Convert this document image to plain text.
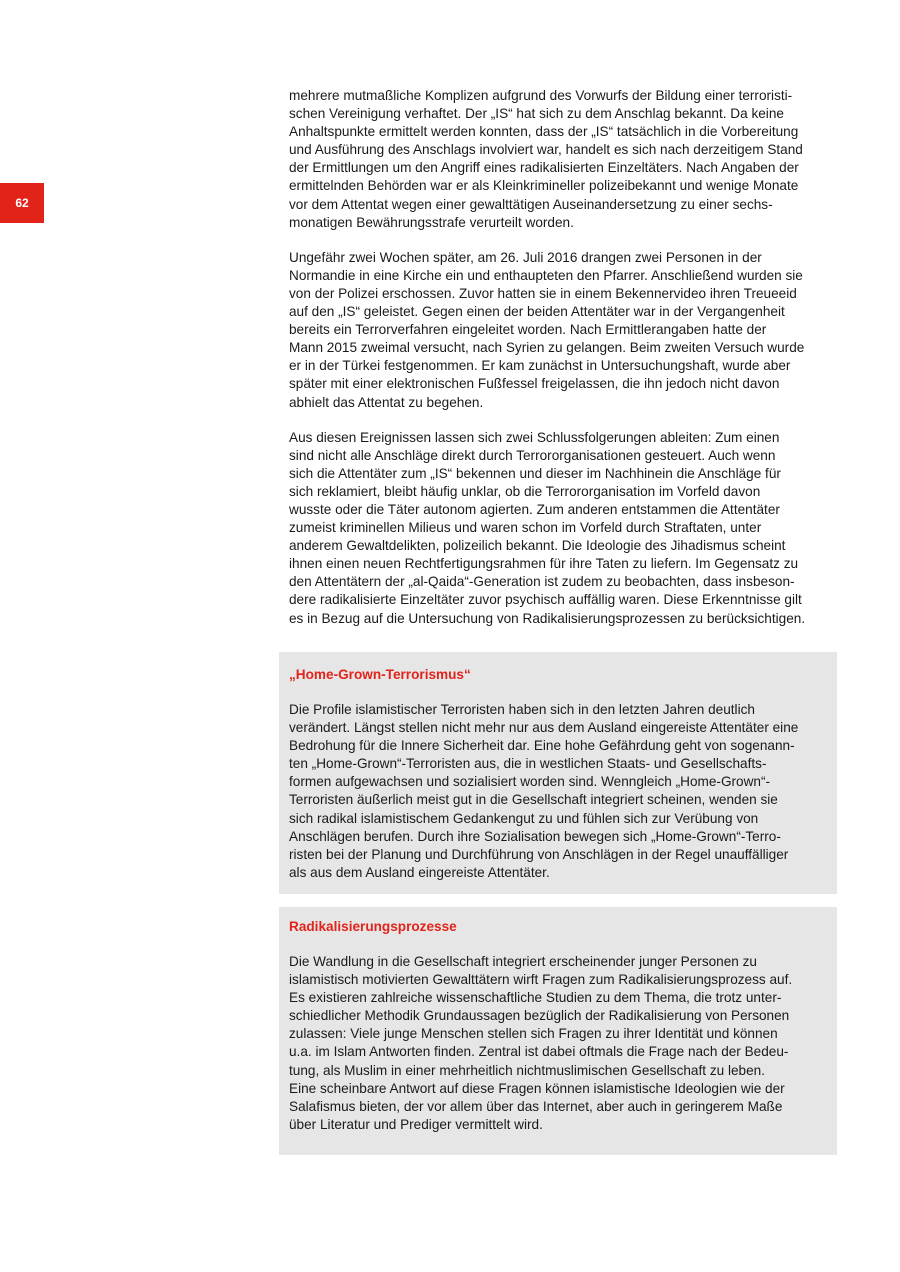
62
mehrere mutmaßliche Komplizen aufgrund des Vorwurfs der Bildung einer terroristi-
schen Vereinigung verhaftet. Der „IS“ hat sich zu dem Anschlag bekannt. Da keine
Anhaltspunkte ermittelt werden konnten, dass der „IS“ tatsächlich in die Vorbereitung
und Ausführung des Anschlags involviert war, handelt es sich nach derzeitigem Stand
der Ermittlungen um den Angriff eines radikalisierten Einzeltäters. Nach Angaben der
ermittelnden Behörden war er als Kleinkrimineller polizeibekannt und wenige Monate
vor dem Attentat wegen einer gewalttätigen Auseinandersetzung zu einer sechs-
monatigen Bewährungsstrafe verurteilt worden.
Ungefähr zwei Wochen später, am 26. Juli 2016 drangen zwei Personen in der
Normandie in eine Kirche ein und enthaupteten den Pfarrer. Anschließend wurden sie
von der Polizei erschossen. Zuvor hatten sie in einem Bekennervideo ihren Treueeid
auf den „IS“ geleistet. Gegen einen der beiden Attentäter war in der Vergangenheit
bereits ein Terrorverfahren eingeleitet worden. Nach Ermittlerangaben hatte der
Mann 2015 zweimal versucht, nach Syrien zu gelangen. Beim zweiten Versuch wurde
er in der Türkei festgenommen. Er kam zunächst in Untersuchungshaft, wurde aber
später mit einer elektronischen Fußfessel freigelassen, die ihn jedoch nicht davon
abhielt das Attentat zu begehen.
Aus diesen Ereignissen lassen sich zwei Schlussfolgerungen ableiten: Zum einen
sind nicht alle Anschläge direkt durch Terrororganisationen gesteuert. Auch wenn
sich die Attentäter zum „IS“ bekennen und dieser im Nachhinein die Anschläge für
sich reklamiert, bleibt häufig unklar, ob die Terrororganisation im Vorfeld davon
wusste oder die Täter autonom agierten. Zum anderen entstammen die Attentäter
zumeist kriminellen Milieus und waren schon im Vorfeld durch Straftaten, unter
anderem Gewaltdelikten, polizeilich bekannt. Die Ideologie des Jihadismus scheint
ihnen einen neuen Rechtfertigungsrahmen für ihre Taten zu liefern. Im Gegensatz zu
den Attentätern der „al-Qaida“-Generation ist zudem zu beobachten, dass insbeson-
dere radikalisierte Einzeltäter zuvor psychisch auffällig waren. Diese Erkenntnisse gilt
es in Bezug auf die Untersuchung von Radikalisierungsprozessen zu berücksichtigen.
„Home-Grown-Terrorismus“
Die Profile islamistischer Terroristen haben sich in den letzten Jahren deutlich
verändert. Längst stellen nicht mehr nur aus dem Ausland eingereiste Attentäter eine
Bedrohung für die Innere Sicherheit dar. Eine hohe Gefährdung geht von sogenann-
ten „Home-Grown“-Terroristen aus, die in westlichen Staats- und Gesellschafts-
formen aufgewachsen und sozialisiert worden sind. Wenngleich „Home-Grown“-
Terroristen äußerlich meist gut in die Gesellschaft integriert scheinen, wenden sie
sich radikal islamistischem Gedankengut zu und fühlen sich zur Verübung von
Anschlägen berufen. Durch ihre Sozialisation bewegen sich „Home-Grown“-Terro-
risten bei der Planung und Durchführung von Anschlägen in der Regel unauffälliger
als aus dem Ausland eingereiste Attentäter.
Radikalisierungsprozesse
Die Wandlung in die Gesellschaft integriert erscheinender junger Personen zu
islamistisch motivierten Gewalttätern wirft Fragen zum Radikalisierungsprozess auf.
Es existieren zahlreiche wissenschaftliche Studien zu dem Thema, die trotz unter-
schiedlicher Methodik Grundaussagen bezüglich der Radikalisierung von Personen
zulassen: Viele junge Menschen stellen sich Fragen zu ihrer Identität und können
u.a. im Islam Antworten finden. Zentral ist dabei oftmals die Frage nach der Bedeu-
tung, als Muslim in einer mehrheitlich nichtmuslimischen Gesellschaft zu leben.
Eine scheinbare Antwort auf diese Fragen können islamistische Ideologien wie der
Salafismus bieten, der vor allem über das Internet, aber auch in geringerem Maße
über Literatur und Prediger vermittelt wird.
